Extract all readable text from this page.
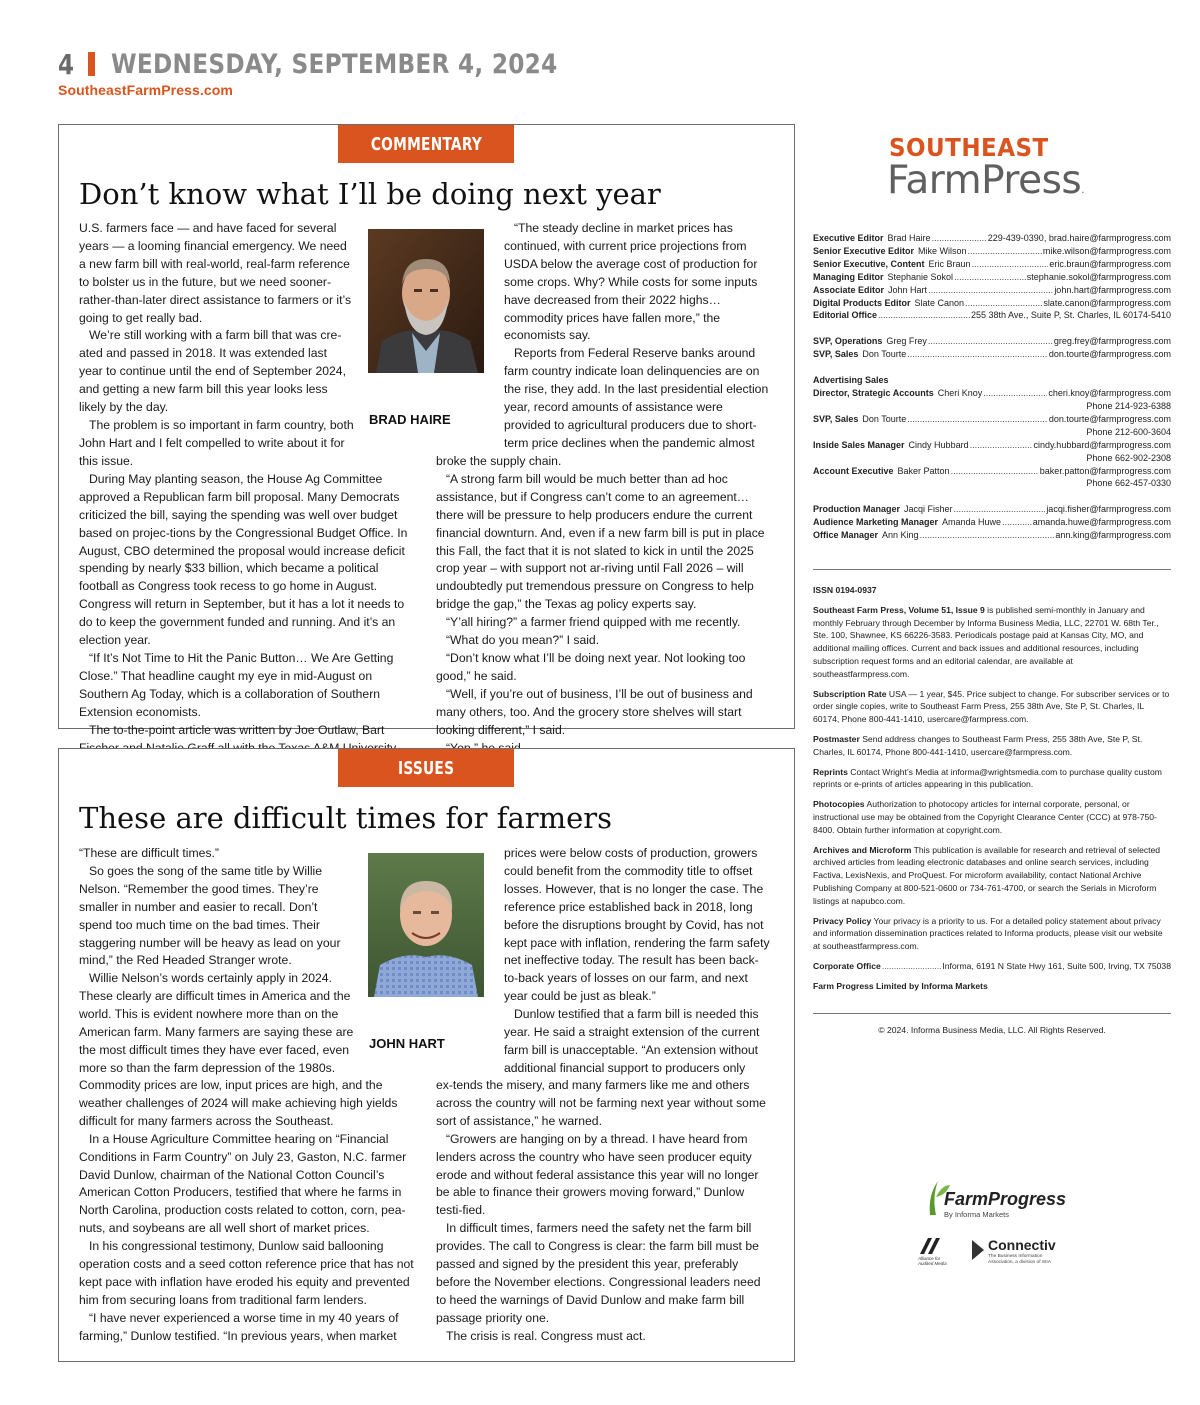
4 WEDNESDAY, SEPTEMBER 4, 2024
SoutheastFarmPress.com
COMMENTARY
Don’t know what I’ll be doing next year

U.S. farmers face — and have faced for several years — a looming financial emergency. We need a new farm bill with real-world, real-farm reference to bolster us in the future, but we need sooner-rather-than-later direct assistance to farmers or it’s going to get really bad.

We’re still working with a farm bill that was cre-ated and passed in 2018. It was extended last year to continue until the end of September 2024, and getting a new farm bill this year looks less likely by the day.

The problem is so important in farm country, both John Hart and I felt compelled to write about it for

this issue.

During May planting season, the House Ag Committee approved a Republican farm bill proposal. Many Democrats criticized the bill, saying the spending was well over budget based on projec-tions by the Congressional Budget Office. In August, CBO determined the proposal would increase deficit spending by nearly $33 billion, which became a political football as Congress took recess to go home in August. Congress will return in September, but it has a lot it needs to do to keep the government funded and running. And it’s an election year.

“If It’s Not Time to Hit the Panic Button… We Are Getting Close.” That headline caught my eye in mid-August on Southern Ag Today, which is a collaboration of Southern Extension economists.

The to-the-point article was written by Joe Outlaw, Bart

BRAD HAIRE

“The steady decline in market prices has continued, with current price projections from USDA below the average cost of production for some crops. Why? While costs for some inputs have decreased from their 2022 highs… commodity prices have fallen more,” the economists say.

Reports from Federal Reserve banks around farm country indicate loan delinquencies are on the rise, they add. In the last presidential election year, record amounts of assistance were provided to agricultural producers due to short-term price declines when the pandemic almost

broke the supply chain.

“A strong farm bill would be much better than ad hoc assistance, but if Congress can’t come to an agreement… there will be pressure to help producers endure the current financial downturn. And, even if a new farm bill is put in place this Fall, the fact that it is not slated to kick in until the 2025 crop year – with support not ar-riving until Fall 2026 – will undoubtedly put tremendous pressure on Congress to help bridge the gap,” the Texas ag policy experts say.

“Y’all hiring?” a farmer friend quipped with me recently.

“What do you mean?” I said.

“Don’t know what I’ll be doing next year. Not looking too good,” he said.

“Well, if you’re out of business, I’ll be out of business and many others, too. And the grocery store shelves will start looking different,” I said.

ISSUES
These are difficult times for farmers

“These are difficult times.”

So goes the song of the same title by Willie Nelson. “Remember the good times. They’re smaller in number and easier to recall. Don’t spend too much time on the bad times. Their staggering number will be heavy as lead on your mind,” the Red Headed Stranger wrote.

Willie Nelson’s words certainly apply in 2024. These clearly are difficult times in America and the world. This is evident nowhere more than on the American farm. Many farmers are saying these are the most difficult times they have ever faced, even more so than the farm depression of the 1980s.

Commodity prices are low, input prices are high, and the weather challenges of 2024 will make achieving high yields difficult for many farmers across the Southeast.

In a House Agriculture Committee hearing on “Financial Conditions in Farm Country” on July 23, Gaston, N.C. farmer David Dunlow, chairman of the National Cotton Council’s American Cotton Producers, testified that where he farms in North Carolina, production costs related to cotton, corn, pea-nuts, and soybeans are all well short of market prices.

In his congressional testimony, Dunlow said ballooning operation costs and a seed cotton reference price that has not kept pace with inflation have eroded his equity and prevented him from securing loans from traditional farm lenders.

“I have never experienced a worse time in my 40 years of farming,” Dunlow testified. “In previous years, when market

JOHN HART

prices were below costs of production, growers could benefit from the commodity title to offset losses. However, that is no longer the case. The reference price established back in 2018, long before the disruptions brought by Covid, has not kept pace with inflation, rendering the farm safety net ineffective today. The result has been back-to-back years of losses on our farm, and next year could be just as bleak.”

Dunlow testified that a farm bill is needed this year. He said a straight extension of the current farm bill is unacceptable. “An extension without additional financial support to producers only

ex-tends the misery, and many farmers like me and others across the country will not be farming next year without some sort of assistance,” he warned.

“Growers are hanging on by a thread. I have heard from lenders across the country who have seen producer equity erode and without federal assistance this year will no longer be able to finance their growers moving forward,” Dunlow testi-fied.

In difficult times, farmers need the safety net the farm bill provides. The call to Congress is clear: the farm bill must be passed and signed by the president this year, preferably before the November elections. Congressional leaders need to heed the warnings of David Dunlow and make farm bill passage priority one.

The crisis is real. Congress must act.

SOUTHEAST
FarmPress.
Executive Editor Brad Haire .....	229-439-0390, brad.haire@farmprogress.com
Senior Executive Editor Mike Wilson .....	mike.wilson@farmprogress.com
Senior Executive, Content Eric Braun .....	eric.braun@farmprogress.com
Managing Editor Stephanie Sokol .....	stephanie.sokol@farmprogress.com
Associate Editor John Hart .....	john.hart@farmprogress.com
Digital Products Editor Slate Canon .....	slate.canon@farmprogress.com
Editorial Office .....	255 38th Ave., Suite P, St. Charles, IL 60174-5410
SVP, Operations Greg Frey .....	greg.frey@farmprogress.com
SVP, Sales Don Tourte .....	don.tourte@farmprogress.com
Advertising Sales
Director, Strategic Accounts Cheri Knoy .....	cheri.knoy@farmprogress.com
Phone 214-923-6388
SVP, Sales Don Tourte .....	don.tourte@farmprogress.com
Phone 212-600-3604
Inside Sales Manager Cindy Hubbard .....	cindy.hubbard@farmprogress.com
Phone 662-902-2308
Account Executive Baker Patton .....	baker.patton@farmprogress.com
Phone 662-457-0330
Production Manager Jacqi Fisher .....	jacqi.fisher@farmprogress.com
Audience Marketing Manager Amanda Huwe .....	amanda.huwe@farmprogress.com
Office Manager Ann King .....	ann.king@farmprogress.com

ISSN 0194-0937

Southeast Farm Press, Volume 51, Issue 9 is published semi-monthly in January and monthly February through December by Informa Business Media, LLC, 22701 W. 68th Ter., Ste. 100, Shawnee, KS 66226-3583. Periodicals postage paid at Kansas City, MO, and additional mailing offices. Current and back issues and additional resources, including subscription request forms and an editorial calendar, are available at southeastfarmpress.com.

Subscription Rate USA — 1 year, $45. Price subject to change. For subscriber services or to order single copies, write to Southeast Farm Press, 255 38th Ave, Ste P, St. Charles, IL 60174, Phone 800-441-1410, usercare@farmpress.com.

Postmaster Send address changes to Southeast Farm Press, 255 38th Ave, Ste P, St. Charles, IL 60174, Phone 800-441-1410, usercare@farmpress.com.

Reprints Contact Wright’s Media at informa@wrightsmedia.com to purchase quality custom reprints or e-prints of articles appearing in this publication.

Photocopies Authorization to photocopy articles for internal corporate, personal, or instructional use may be obtained from the Copyright Clearance Center (CCC) at 978-750-8400. Obtain further information at copyright.com.

Archives and Microform This publication is available for research and retrieval of selected archived articles from leading electronic databases and online search services, including Factiva, LexisNexis, and ProQuest. For microform availability, contact National Archive Publishing Company at 800-521-0600 or 734-761-4700, or search the Serials in Microform listings at napubco.com.

Privacy Policy Your privacy is a priority to us. For a detailed policy statement about privacy and information dissemination practices related to Informa products, please visit our website at southeastfarmpress.com.

Corporate Office .....	Informa, 6191 N State Hwy 161, Suite 500, Irving, TX 75038
Farm Progress Limited by Informa Markets
© 2024. Informa Business Media, LLC. All Rights Reserved.
FarmProgress
By Informa Markets
Alliance for
Audited Media
Connectiv
The Business Information
Association, a division of SIIA
